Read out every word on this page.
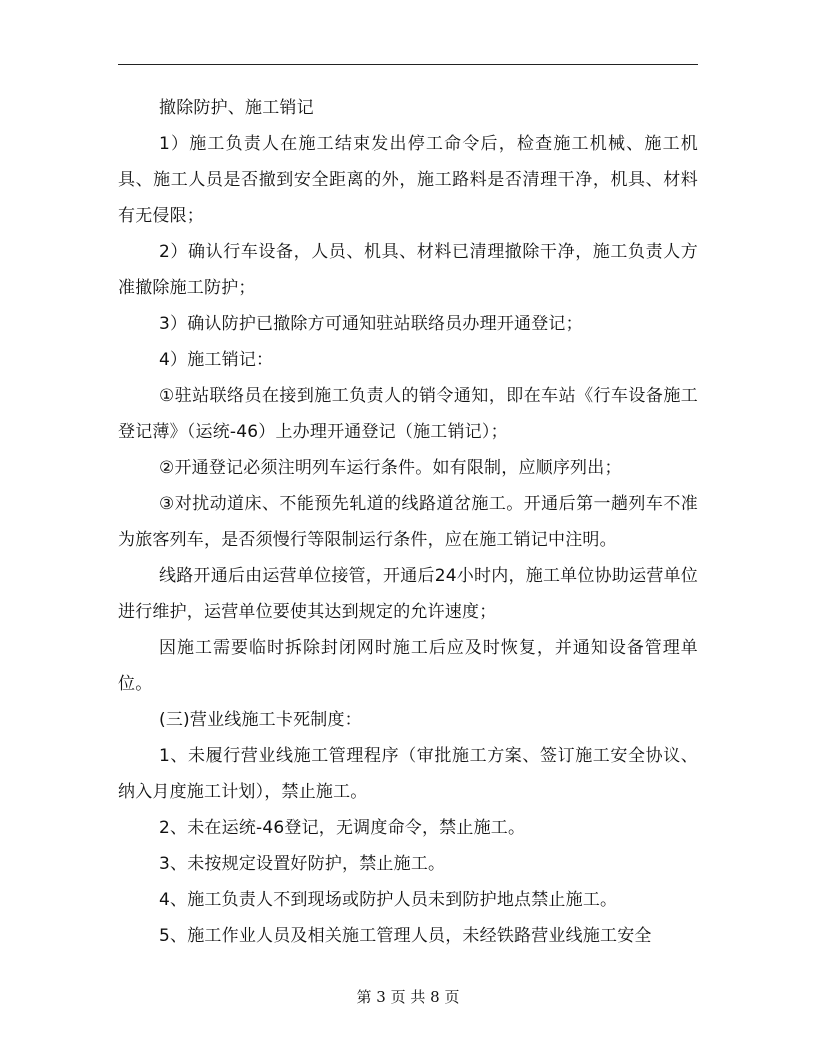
撤除防护、施工销记

1）施工负责人在施工结束发出停工命令后，检查施工机械、施工机具、施工人员是否撤到安全距离的外，施工路料是否清理干净，机具、材料有无侵限；

2）确认行车设备，人员、机具、材料已清理撤除干净，施工负责人方准撤除施工防护；

3）确认防护已撤除方可通知驻站联络员办理开通登记；

4）施工销记：

①驻站联络员在接到施工负责人的销令通知，即在车站《行车设备施工登记薄》（运统-46）上办理开通登记（施工销记）；

②开通登记必须注明列车运行条件。如有限制，应顺序列出；

③对扰动道床、不能预先轧道的线路道岔施工。开通后第一趟列车不准为旅客列车，是否须慢行等限制运行条件，应在施工销记中注明。

线路开通后由运营单位接管，开通后24小时内，施工单位协助运营单位进行维护，运营单位要使其达到规定的允许速度；

因施工需要临时拆除封闭网时施工后应及时恢复，并通知设备管理单位。

(三)营业线施工卡死制度：

1、未履行营业线施工管理程序（审批施工方案、签订施工安全协议、纳入月度施工计划），禁止施工。

2、未在运统-46登记，无调度命令，禁止施工。

3、未按规定设置好防护，禁止施工。

4、施工负责人不到现场或防护人员未到防护地点禁止施工。

5、施工作业人员及相关施工管理人员，未经铁路营业线施工安全

第 3 页 共 8 页
